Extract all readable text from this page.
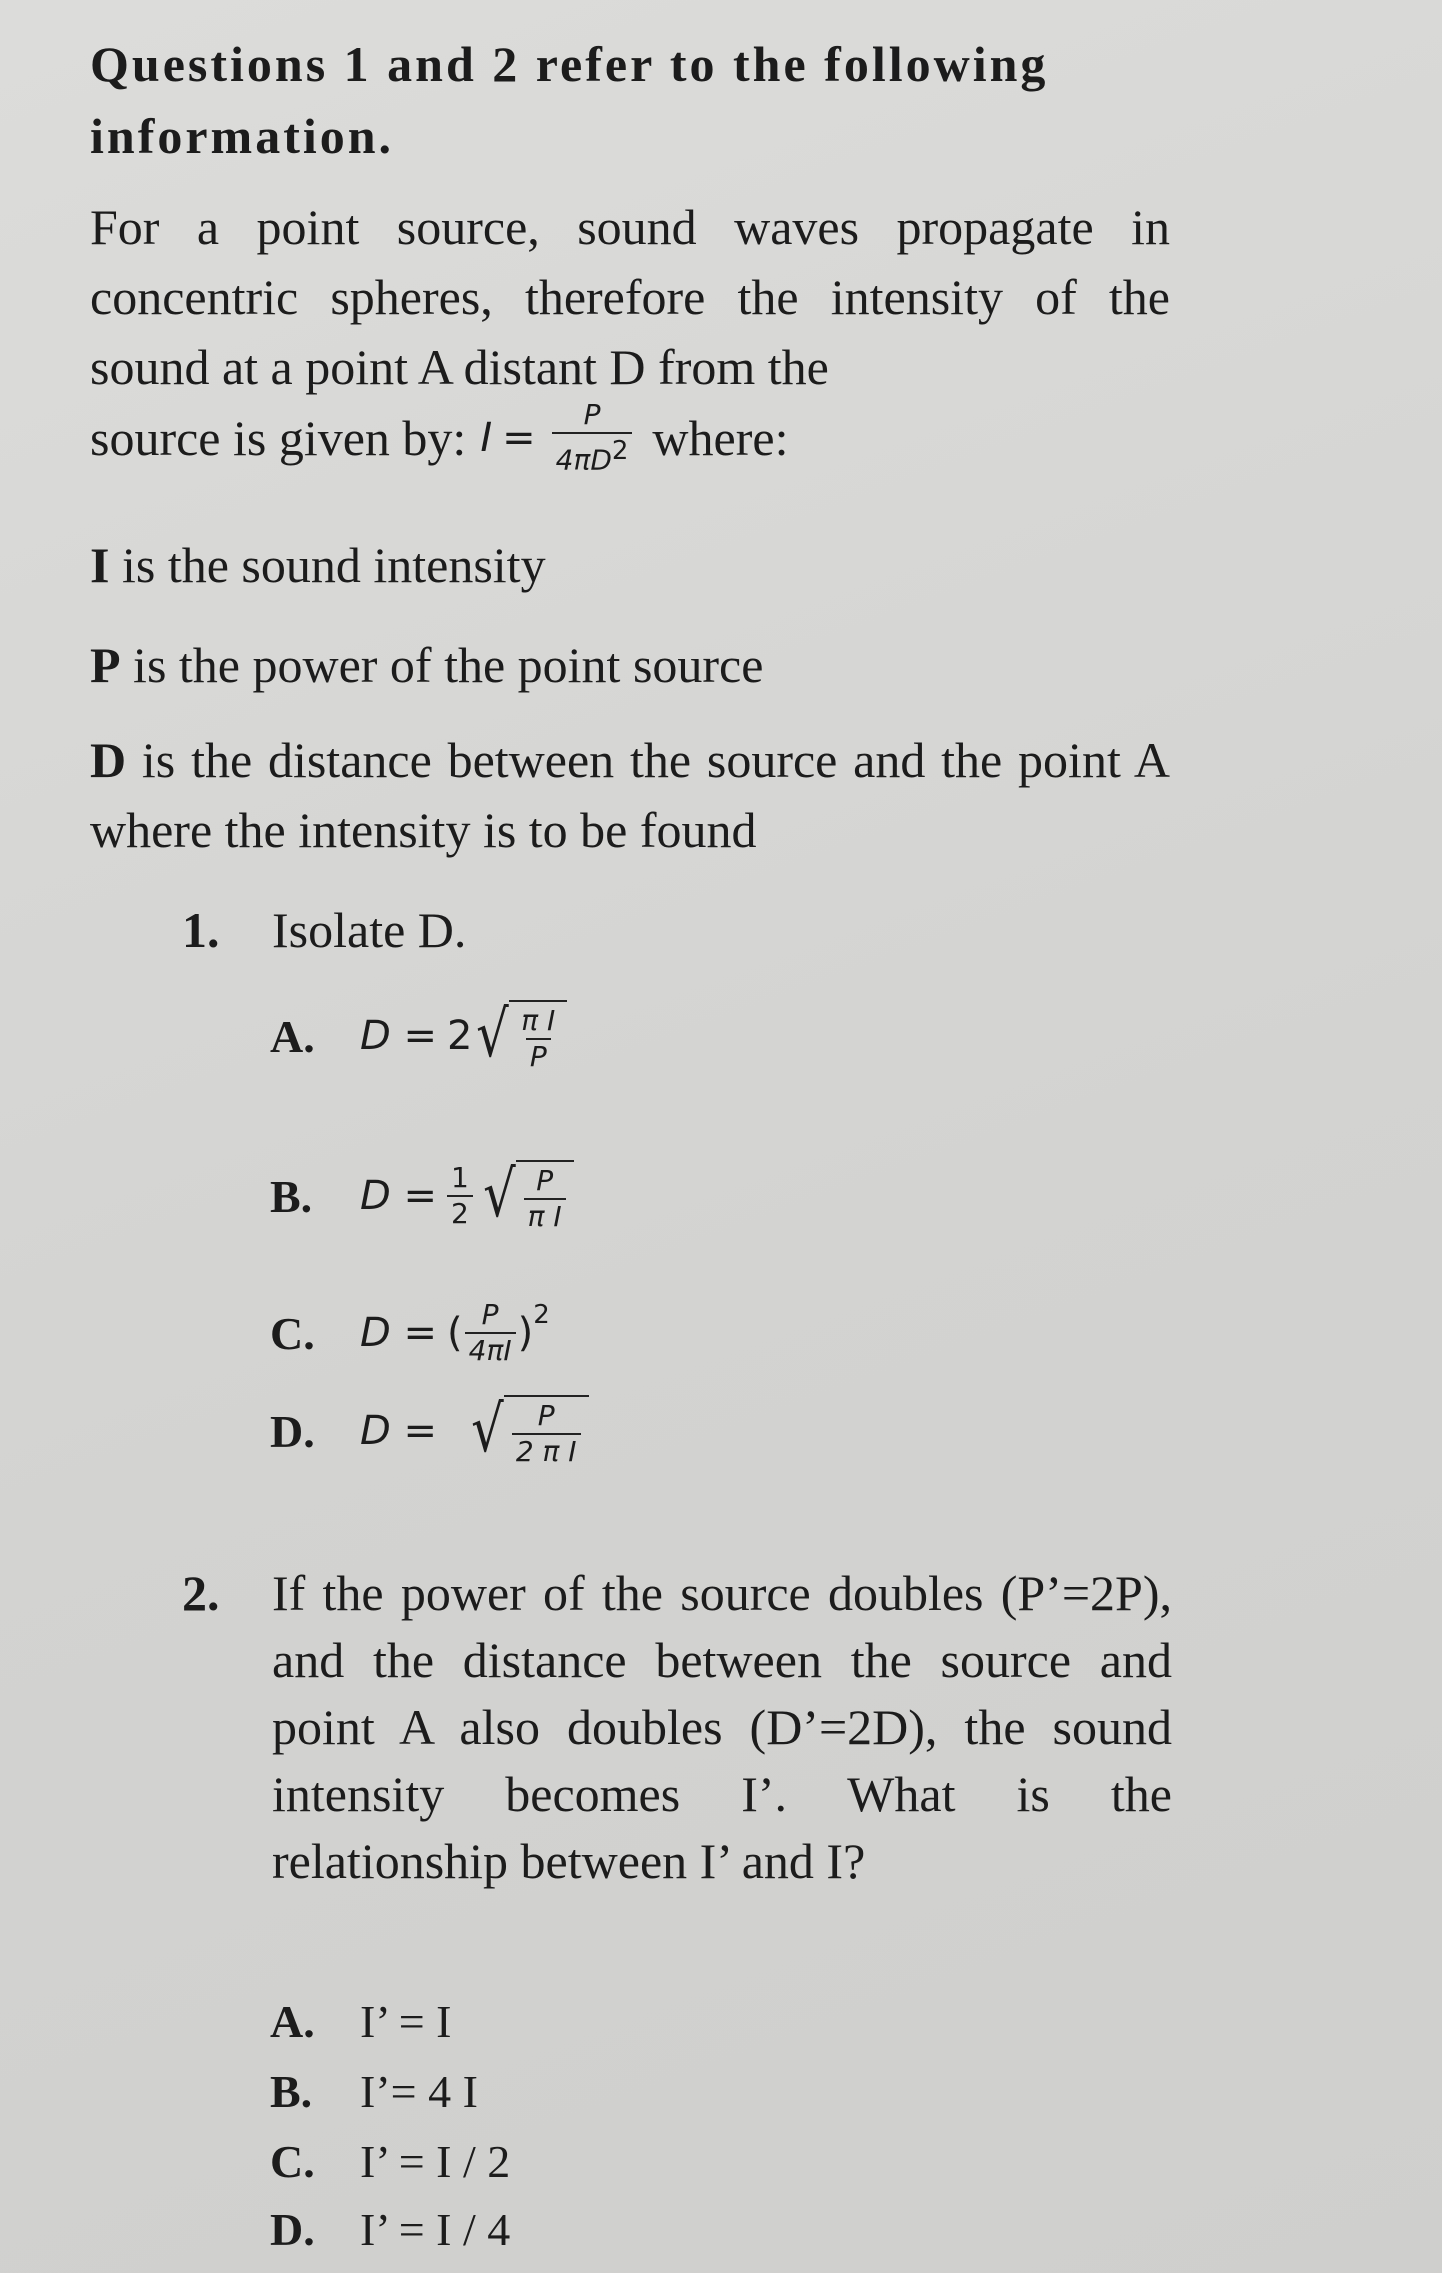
Questions 1 and 2 refer to the following information.
For a point source, sound waves propagate in concentric spheres, therefore the intensity of the sound at a point A distant D from the
source is given by: $I = \frac{P}{4\pi D2}$ where:
I is the sound intensity
P is the power of the point source
D is the distance between the source and the point A where the intensity is to be found
1. Isolate D.
A.	D = 2 √ $\frac{\text{π I}}{P}$
B.	$D = \frac{1}{2}$ √ $\frac{P}{\text{π I}}$
C.	D = ( $\frac{P}{4\pi I}$ ) 2
D.	D = √ $\frac{P}{\text{2 π I}}$
2.	If the power of the source doubles (P’=2P), and the distance between the source and point A also doubles (D’=2D), the sound intensity becomes I’. What is the relationship between I’ and I?
A. I’ = I
B. I’= 4 I
C. I’ = I / 2
D. I’ = I / 4
